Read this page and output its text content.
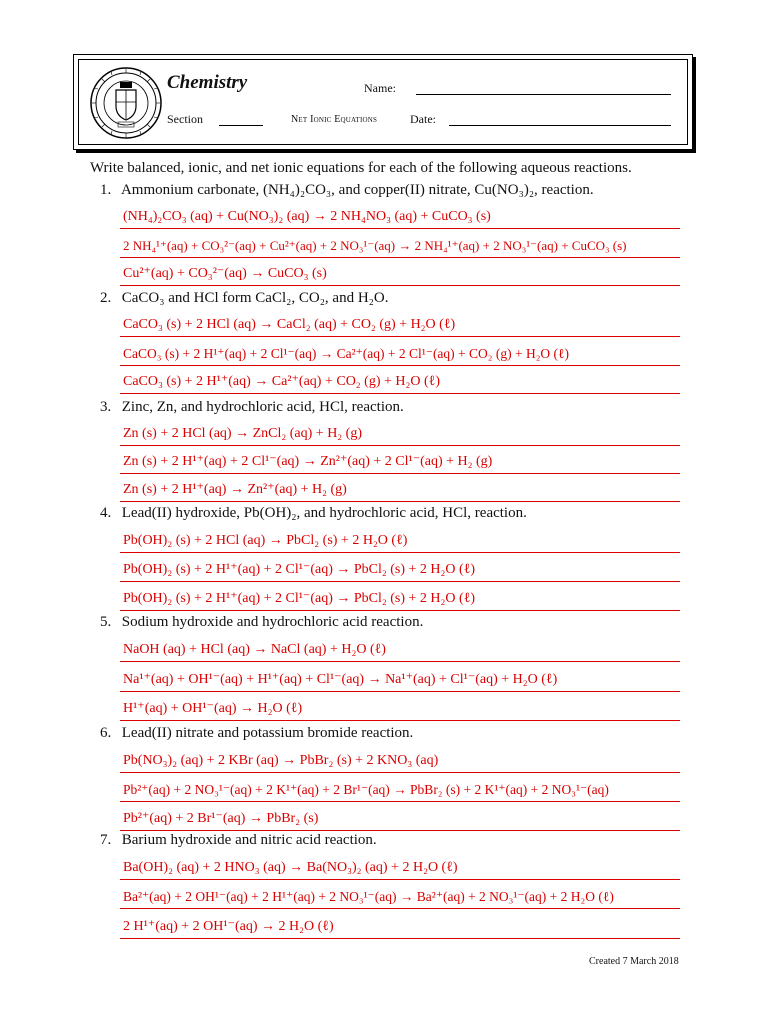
Chemistry	Name:
Section	Net Ionic Equations	Date:
Write balanced, ionic, and net ionic equations for each of the following aqueous reactions.
1. Ammonium carbonate, (NH₄)₂CO₃, and copper(II) nitrate, Cu(NO₃)₂, reaction.
(NH₄)₂CO₃ (aq) + Cu(NO₃)₂ (aq) → 2 NH₄NO₃ (aq) + CuCO₃ (s)
2 NH₄¹⁺(aq) + CO₃²⁻(aq) + Cu²⁺(aq) + 2 NO₃¹⁻(aq) → 2 NH₄¹⁺(aq) + 2 NO₃¹⁻(aq) + CuCO₃ (s)
Cu²⁺(aq) + CO₃²⁻(aq) → CuCO₃ (s)
2. CaCO₃ and HCl form CaCl₂, CO₂, and H₂O.
CaCO₃ (s) + 2 HCl (aq) → CaCl₂ (aq) + CO₂ (g) + H₂O (ℓ)
CaCO₃ (s) + 2 H¹⁺(aq) + 2 Cl¹⁻(aq) → Ca²⁺(aq) + 2 Cl¹⁻(aq) + CO₂ (g) + H₂O (ℓ)
CaCO₃ (s) + 2 H¹⁺(aq) → Ca²⁺(aq) + CO₂ (g) + H₂O (ℓ)
3. Zinc, Zn, and hydrochloric acid, HCl, reaction.
Zn (s) + 2 HCl (aq) → ZnCl₂ (aq) + H₂ (g)
Zn (s) + 2 H¹⁺(aq) + 2 Cl¹⁻(aq) → Zn²⁺(aq) + 2 Cl¹⁻(aq) + H₂ (g)
Zn (s) + 2 H¹⁺(aq) → Zn²⁺(aq) + H₂ (g)
4. Lead(II) hydroxide, Pb(OH)₂, and hydrochloric acid, HCl, reaction.
Pb(OH)₂ (s) + 2 HCl (aq) → PbCl₂ (s) + 2 H₂O (ℓ)
Pb(OH)₂ (s) + 2 H¹⁺(aq) + 2 Cl¹⁻(aq) → PbCl₂ (s) + 2 H₂O (ℓ)
Pb(OH)₂ (s) + 2 H¹⁺(aq) + 2 Cl¹⁻(aq) → PbCl₂ (s) + 2 H₂O (ℓ)
5. Sodium hydroxide and hydrochloric acid reaction.
NaOH (aq) + HCl (aq) → NaCl (aq) + H₂O (ℓ)
Na¹⁺(aq) + OH¹⁻(aq) + H¹⁺(aq) + Cl¹⁻(aq) → Na¹⁺(aq) + Cl¹⁻(aq) + H₂O (ℓ)
H¹⁺(aq) + OH¹⁻(aq) → H₂O (ℓ)
6. Lead(II) nitrate and potassium bromide reaction.
Pb(NO₃)₂ (aq) + 2 KBr (aq) → PbBr₂ (s) + 2 KNO₃ (aq)
Pb²⁺(aq) + 2 NO₃¹⁻(aq) + 2 K¹⁺(aq) + 2 Br¹⁻(aq) → PbBr₂ (s) + 2 K¹⁺(aq) + 2 NO₃¹⁻(aq)
Pb²⁺(aq) + 2 Br¹⁻(aq) → PbBr₂ (s)
7. Barium hydroxide and nitric acid reaction.
Ba(OH)₂ (aq) + 2 HNO₃ (aq) → Ba(NO₃)₂ (aq) + 2 H₂O (ℓ)
Ba²⁺(aq) + 2 OH¹⁻(aq) + 2 H¹⁺(aq) + 2 NO₃¹⁻(aq) → Ba²⁺(aq) + 2 NO₃¹⁻(aq) + 2 H₂O (ℓ)
2 H¹⁺(aq) + 2 OH¹⁻(aq) → 2 H₂O (ℓ)
Created 7 March 2018
